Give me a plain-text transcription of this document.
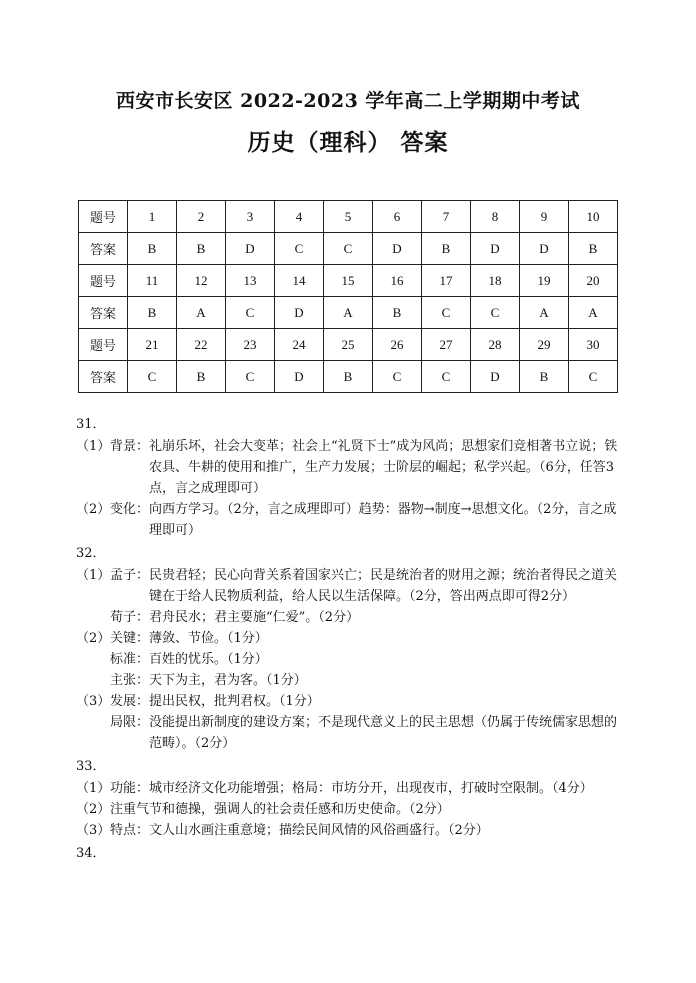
西安市长安区 2022-2023 学年高二上学期期中考试
历史（理科） 答案
题号	1	2	3	4	5	6	7	8	9	10
答案	B	B	D	C	C	D	B	D	D	B
题号	11	12	13	14	15	16	17	18	19	20
答案	B	A	C	D	A	B	C	C	A	A
题号	21	22	23	24	25	26	27	28	29	30
答案	C	B	C	D	B	C	C	D	B	C
31．
（1） 背景： 礼崩乐坏，社会大变革；社会上“礼贤下士”成为风尚；思想家们竞相著书立说；铁农具、牛耕的使用和推广，生产力发展；士阶层的崛起；私学兴起。（6分，任答3点，言之成理即可）
（2） 变化： 向西方学习。（2分，言之成理即可）趋势：器物→制度→思想文化。（2分，言之成理即可）
32．
（1） 孟子： 民贵君轻；民心向背关系着国家兴亡；民是统治者的财用之源；统治者得民之道关键在于给人民物质利益，给人民以生活保障。（2分，答出两点即可得2分）
荀子： 君舟民水；君主要施“仁爱”。（2分）
（2） 关键： 薄敛、节俭。（1分）
标准： 百姓的忧乐。（1分）
主张： 天下为主，君为客。（1分）
（3） 发展： 提出民权，批判君权。（1分）
局限： 没能提出新制度的建设方案；不是现代意义上的民主思想（仍属于传统儒家思想的范畴）。（2分）
33．
（1） 功能： 城市经济文化功能增强；格局：市坊分开，出现夜市，打破时空限制。（4分）
（2） 注重气节和德操，强调人的社会责任感和历史使命。（2分）
（3） 特点： 文人山水画注重意境；描绘民间风情的风俗画盛行。（2分）
34．
